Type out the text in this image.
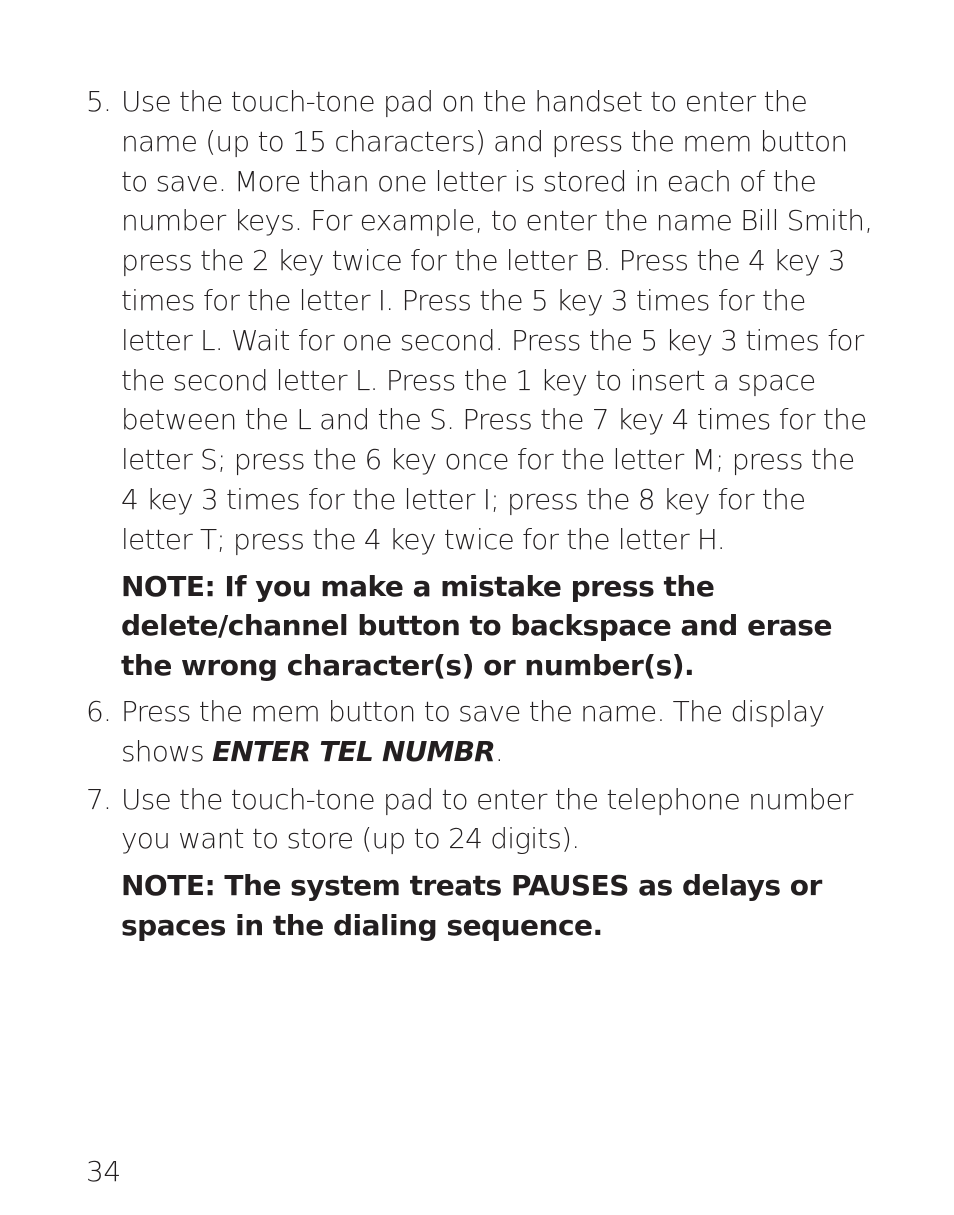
5. Use the touch-tone pad on the handset to enter the name (up to 15 characters) and press the mem button to save. More than one letter is stored in each of the number keys. For example, to enter the name Bill Smith, press the 2 key twice for the letter B. Press the 4 key 3 times for the letter I. Press the 5 key 3 times for the letter L. Wait for one second. Press the 5 key 3 times for the second letter L. Press the 1 key to insert a space between the L and the S. Press the 7 key 4 times for the letter S; press the 6 key once for the letter M; press the 4 key 3 times for the letter I; press the 8 key for the letter T; press the 4 key twice for the letter H.

NOTE: If you make a mistake press the delete/channel button to backspace and erase the wrong character(s) or number(s).

6. Press the mem button to save the name. The display shows ENTER TEL NUMBR.

7. Use the touch-tone pad to enter the telephone number you want to store (up to 24 digits).

NOTE: The system treats PAUSES as delays or spaces in the dialing sequence.

34
